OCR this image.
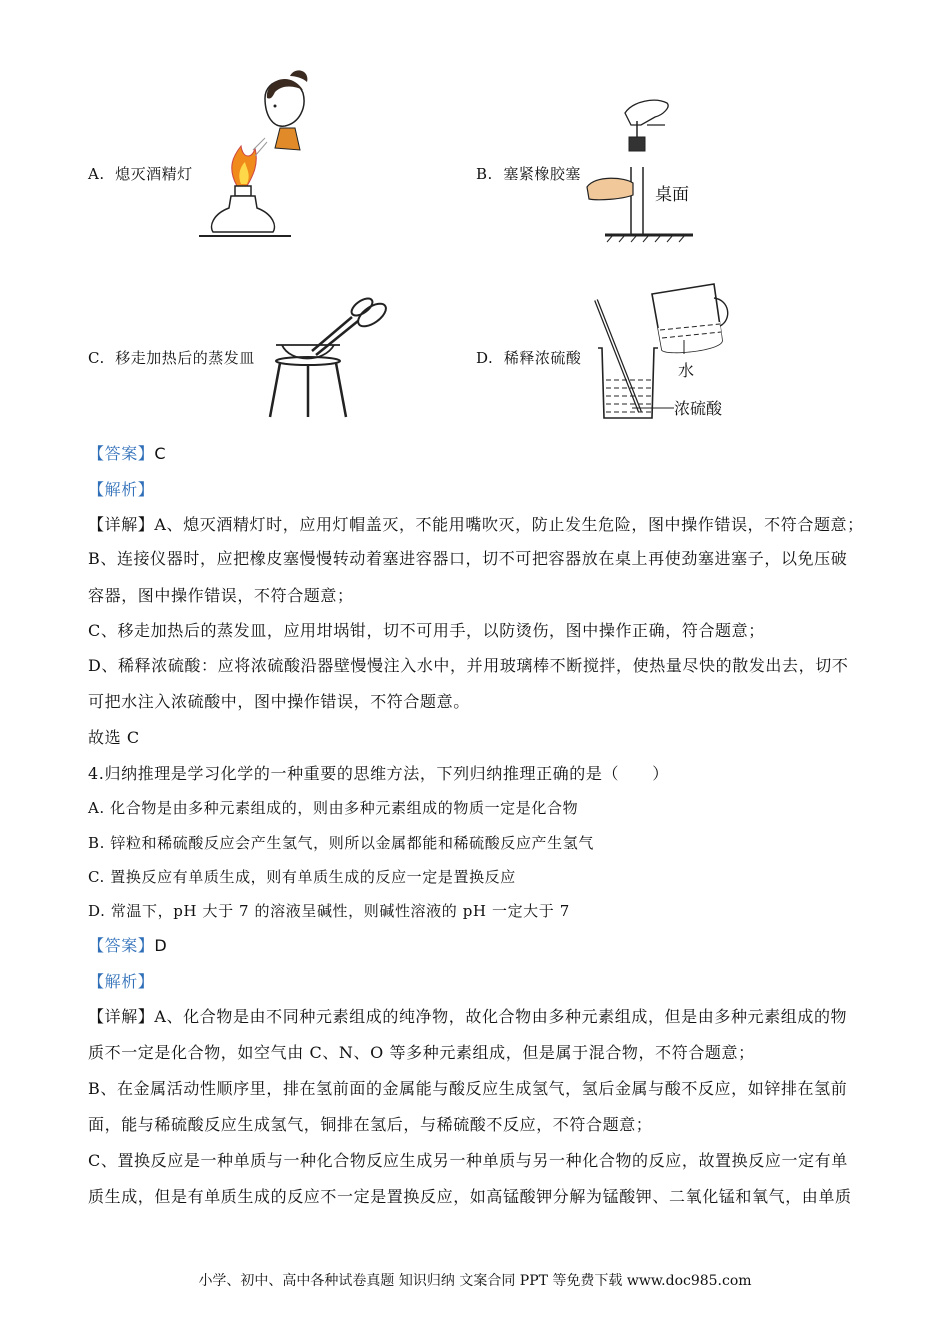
A. 熄灭酒精灯	B. 塞紧橡胶塞
C. 移走加热后的蒸发皿	D. 稀释浓硫酸
桌面
水
浓硫酸
【答案】C
【解析】
【详解】A、熄灭酒精灯时，应用灯帽盖灭，不能用嘴吹灭，防止发生危险，图中操作错误，不符合题意；
B、连接仪器时，应把橡皮塞慢慢转动着塞进容器口，切不可把容器放在桌上再使劲塞进塞子，以免压破
容器，图中操作错误，不符合题意；
C、移走加热后的蒸发皿，应用坩埚钳，切不可用手，以防烫伤，图中操作正确，符合题意；
D、稀释浓硫酸：应将浓硫酸沿器壁慢慢注入水中，并用玻璃棒不断搅拌，使热量尽快的散发出去，切不
可把水注入浓硫酸中，图中操作错误，不符合题意。
故选 C
4.归纳推理是学习化学的一种重要的思维方法，下列归纳推理正确的是（　　）
A. 化合物是由多种元素组成的，则由多种元素组成的物质一定是化合物
B. 锌粒和稀硫酸反应会产生氢气，则所以金属都能和稀硫酸反应产生氢气
C. 置换反应有单质生成，则有单质生成的反应一定是置换反应
D. 常温下，pH 大于 7 的溶液呈碱性，则碱性溶液的 pH 一定大于 7
【答案】D
【解析】
【详解】A、化合物是由不同种元素组成的纯净物，故化合物由多种元素组成，但是由多种元素组成的物
质不一定是化合物，如空气由 C、N、O 等多种元素组成，但是属于混合物，不符合题意；
B、在金属活动性顺序里，排在氢前面的金属能与酸反应生成氢气，氢后金属与酸不反应，如锌排在氢前
面，能与稀硫酸反应生成氢气，铜排在氢后，与稀硫酸不反应，不符合题意；
C、置换反应是一种单质与一种化合物反应生成另一种单质与另一种化合物的反应，故置换反应一定有单
质生成，但是有单质生成的反应不一定是置换反应，如高锰酸钾分解为锰酸钾、二氧化锰和氧气，由单质
小学、初中、高中各种试卷真题 知识归纳 文案合同 PPT 等免费下载 www.doc985.com
